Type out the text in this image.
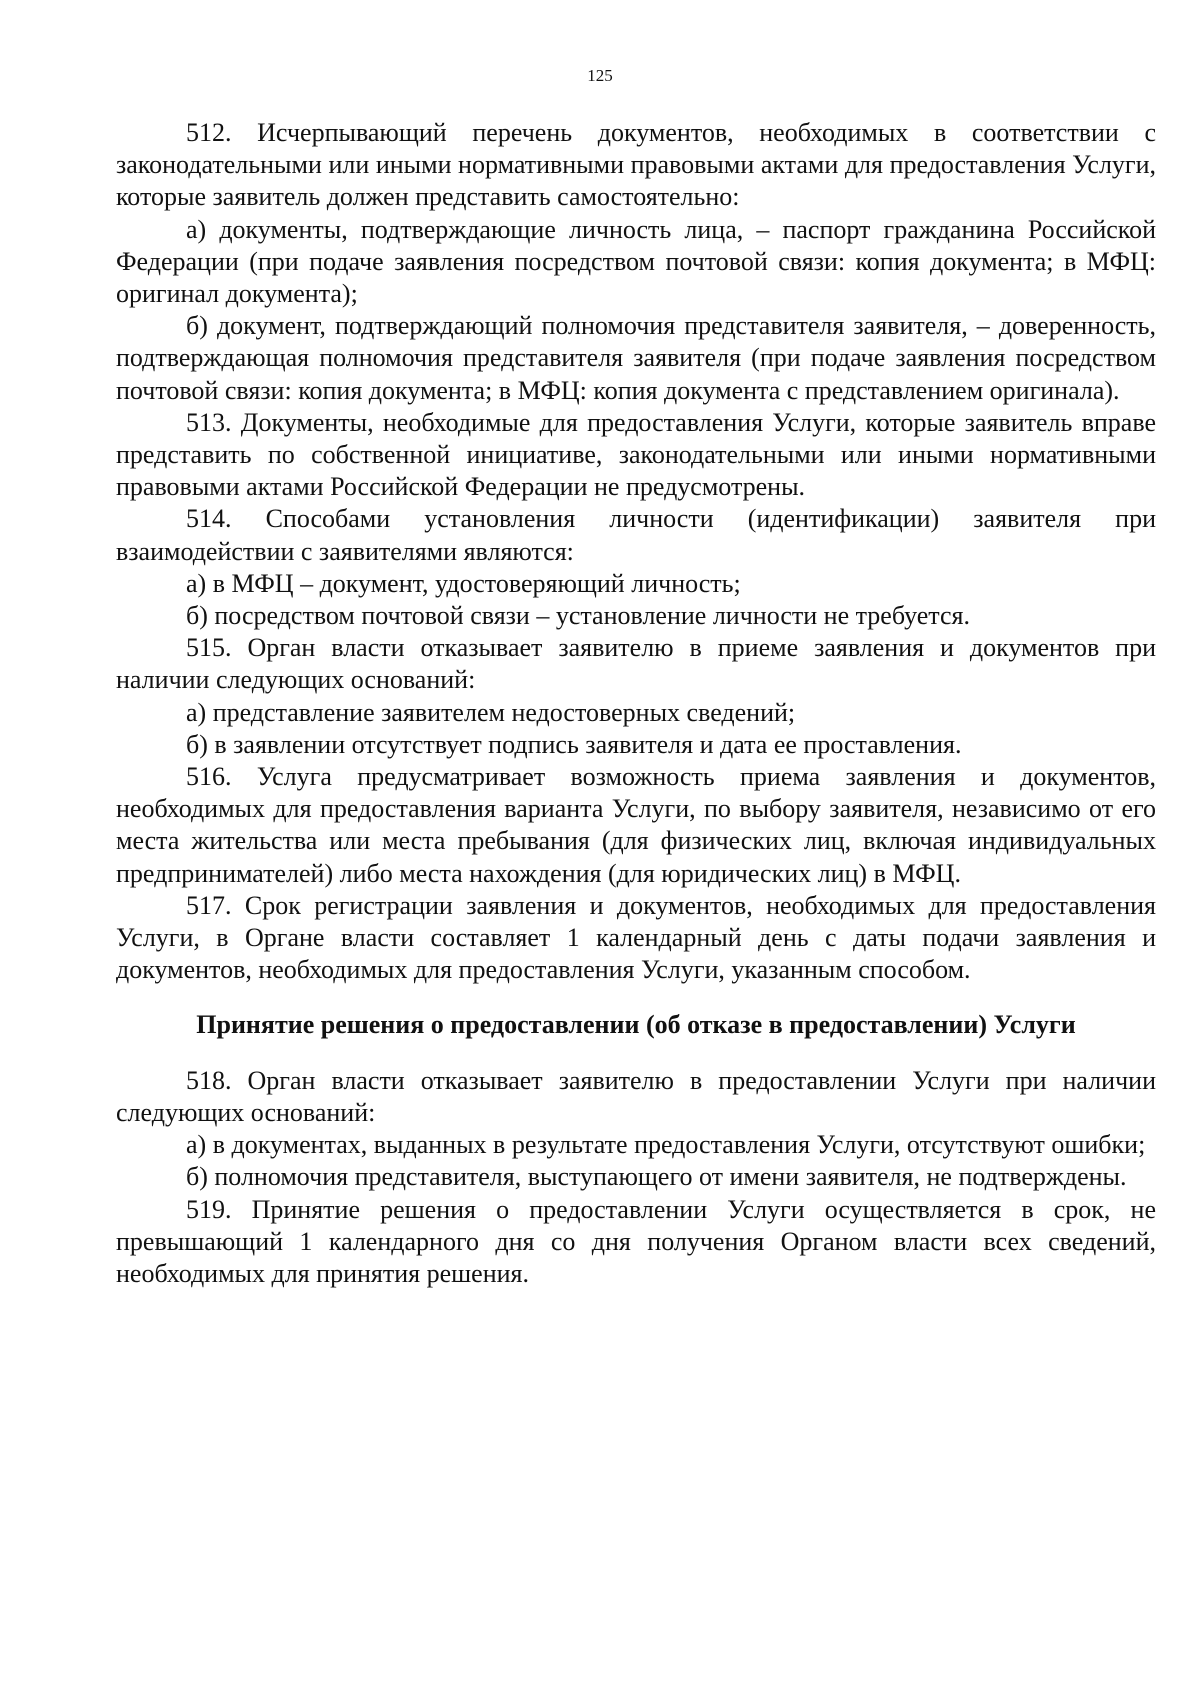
125

512. Исчерпывающий перечень документов, необходимых в соответствии с законодательными или иными нормативными правовыми актами для предоставления Услуги, которые заявитель должен представить самостоятельно:

а) документы, подтверждающие личность лица, – паспорт гражданина Российской Федерации (при подаче заявления посредством почтовой связи: копия документа; в МФЦ: оригинал документа);

б) документ, подтверждающий полномочия представителя заявителя, – доверенность, подтверждающая полномочия представителя заявителя (при подаче заявления посредством почтовой связи: копия документа; в МФЦ: копия документа с представлением оригинала).

513. Документы, необходимые для предоставления Услуги, которые заявитель вправе представить по собственной инициативе, законодательными или иными нормативными правовыми актами Российской Федерации не предусмотрены.

514. Способами установления личности (идентификации) заявителя при взаимодействии с заявителями являются:

а) в МФЦ – документ, удостоверяющий личность;

б) посредством почтовой связи – установление личности не требуется.

515. Орган власти отказывает заявителю в приеме заявления и документов при наличии следующих оснований:

а) представление заявителем недостоверных сведений;

б) в заявлении отсутствует подпись заявителя и дата ее проставления.

516. Услуга предусматривает возможность приема заявления и документов, необходимых для предоставления варианта Услуги, по выбору заявителя, независимо от его места жительства или места пребывания (для физических лиц, включая индивидуальных предпринимателей) либо места нахождения (для юридических лиц) в МФЦ.

517. Срок регистрации заявления и документов, необходимых для предоставления Услуги, в Органе власти составляет 1 календарный день с даты подачи заявления и документов, необходимых для предоставления Услуги, указанным способом.

Принятие решения о предоставлении (об отказе в предоставлении) Услуги

518. Орган власти отказывает заявителю в предоставлении Услуги при наличии следующих оснований:

а) в документах, выданных в результате предоставления Услуги, отсутствуют ошибки;

б) полномочия представителя, выступающего от имени заявителя, не подтверждены.

519. Принятие решения о предоставлении Услуги осуществляется в срок, не превышающий 1 календарного дня со дня получения Органом власти всех сведений, необходимых для принятия решения.
